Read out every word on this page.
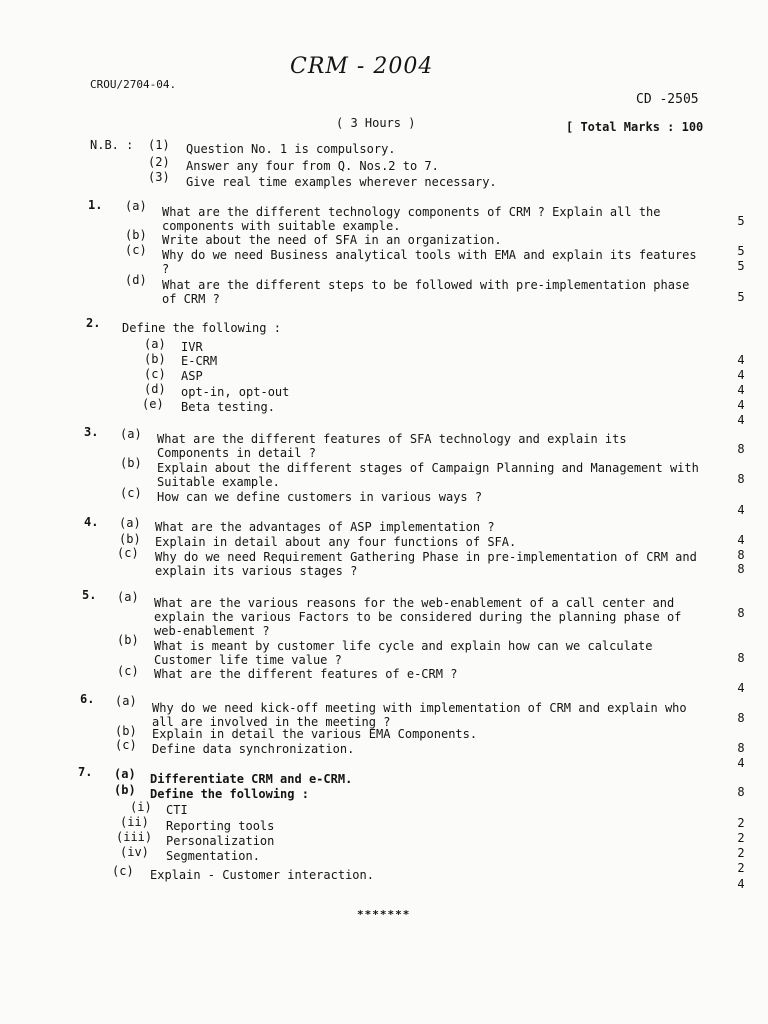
CROU/2704-04.
CRM - 2004
CD -2505
( 3 Hours )	[ Total Marks : 100
N.B. : (1) Question No. 1 is compulsory.
(2) Answer any four from Q. Nos.2 to 7.
(3) Give real time examples wherever necessary.
1. (a) What are the different technology components of CRM ? Explain all the components with suitable example.
(b) Write about the need of SFA in an organization.
(c) Why do we need Business analytical tools with EMA and explain its features ?
(d) What are the different steps to be followed with pre-implementation phase of CRM ?
5
5
5
5
2. Define the following :
(a) IVR
(b) E-CRM
(c) ASP
(d) opt-in, opt-out
(e) Beta testing.
4
4
4
4
4
3. (a) What are the different features of SFA technology and explain its Components in detail ?
(b) Explain about the different stages of Campaign Planning and Management with Suitable example.
(c) How can we define customers in various ways ?
8
8
4
4. (a) What are the advantages of ASP implementation ?
(b) Explain in detail about any four functions of SFA.
(c) Why do we need Requirement Gathering Phase in pre-implementation of CRM and explain its various stages ?
4
8
8
5. (a) What are the various reasons for the web-enablement of a call center and explain the various Factors to be considered during the planning phase of web-enablement ?
(b) What is meant by customer life cycle and explain how can we calculate Customer life time value ?
(c) What are the different features of e-CRM ?
8
8
4
6. (a) Why do we need kick-off meeting with implementation of CRM and explain who all are involved in the meeting ?
(b) Explain in detail the various EMA Components.
(c) Define data synchronization.
8
8
4
7. (a) Differentiate CRM and e-CRM.
(b) Define the following :
(i) CTI
(ii) Reporting tools
(iii) Personalization
(iv) Segmentation.
(c) Explain - Customer interaction.
8
2
2
2
2
4
*******
